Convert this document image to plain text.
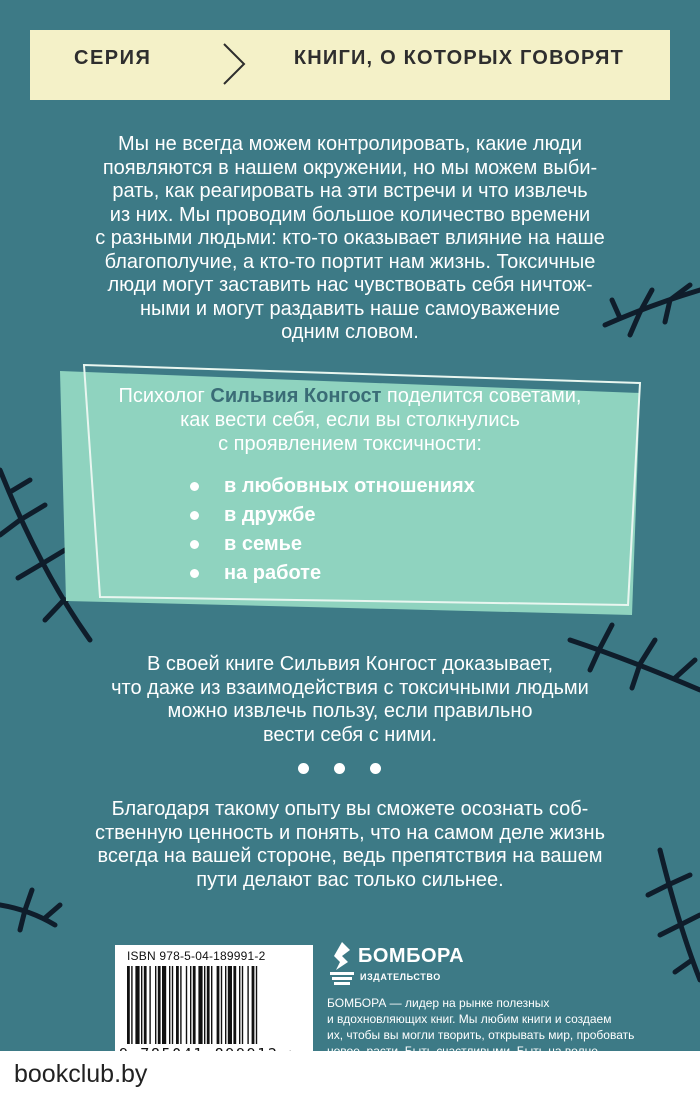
СЕРИЯ	КНИГИ, О КОТОРЫХ ГОВОРЯТ
Мы не всегда можем контролировать, какие люди
появляются в нашем окружении, но мы можем выби-
рать, как реагировать на эти встречи и что извлечь
из них. Мы проводим большое количество времени
с разными людьми: кто-то оказывает влияние на наше
благополучие, а кто-то портит нам жизнь. Токсичные
люди могут заставить нас чувствовать себя ничтож-
ными и могут раздавить наше самоуважение
одним словом.
Психолог Сильвия Конгост поделится советами,
как вести себя, если вы столкнулись
с проявлением токсичности:
в любовных отношениях
в дружбе
в семье
на работе
В своей книге Сильвия Конгост доказывает,
что даже из взаимодействия с токсичными людьми
можно извлечь пользу, если правильно
вести себя с ними.
Благодаря такому опыту вы сможете осознать соб-
ственную ценность и понять, что на самом деле жизнь
всегда на вашей стороне, ведь препятствия на вашем
пути делают вас только сильнее.
ISBN 978-5-04-189991-2	БОМБОРА
ИЗДАТЕЛЬСТВО
БОМБОРА — лидер на рынке полезных
и вдохновляющих книг. Мы любим книги и создаем
их, чтобы вы могли творить, открывать мир, пробовать

bookclub.by
